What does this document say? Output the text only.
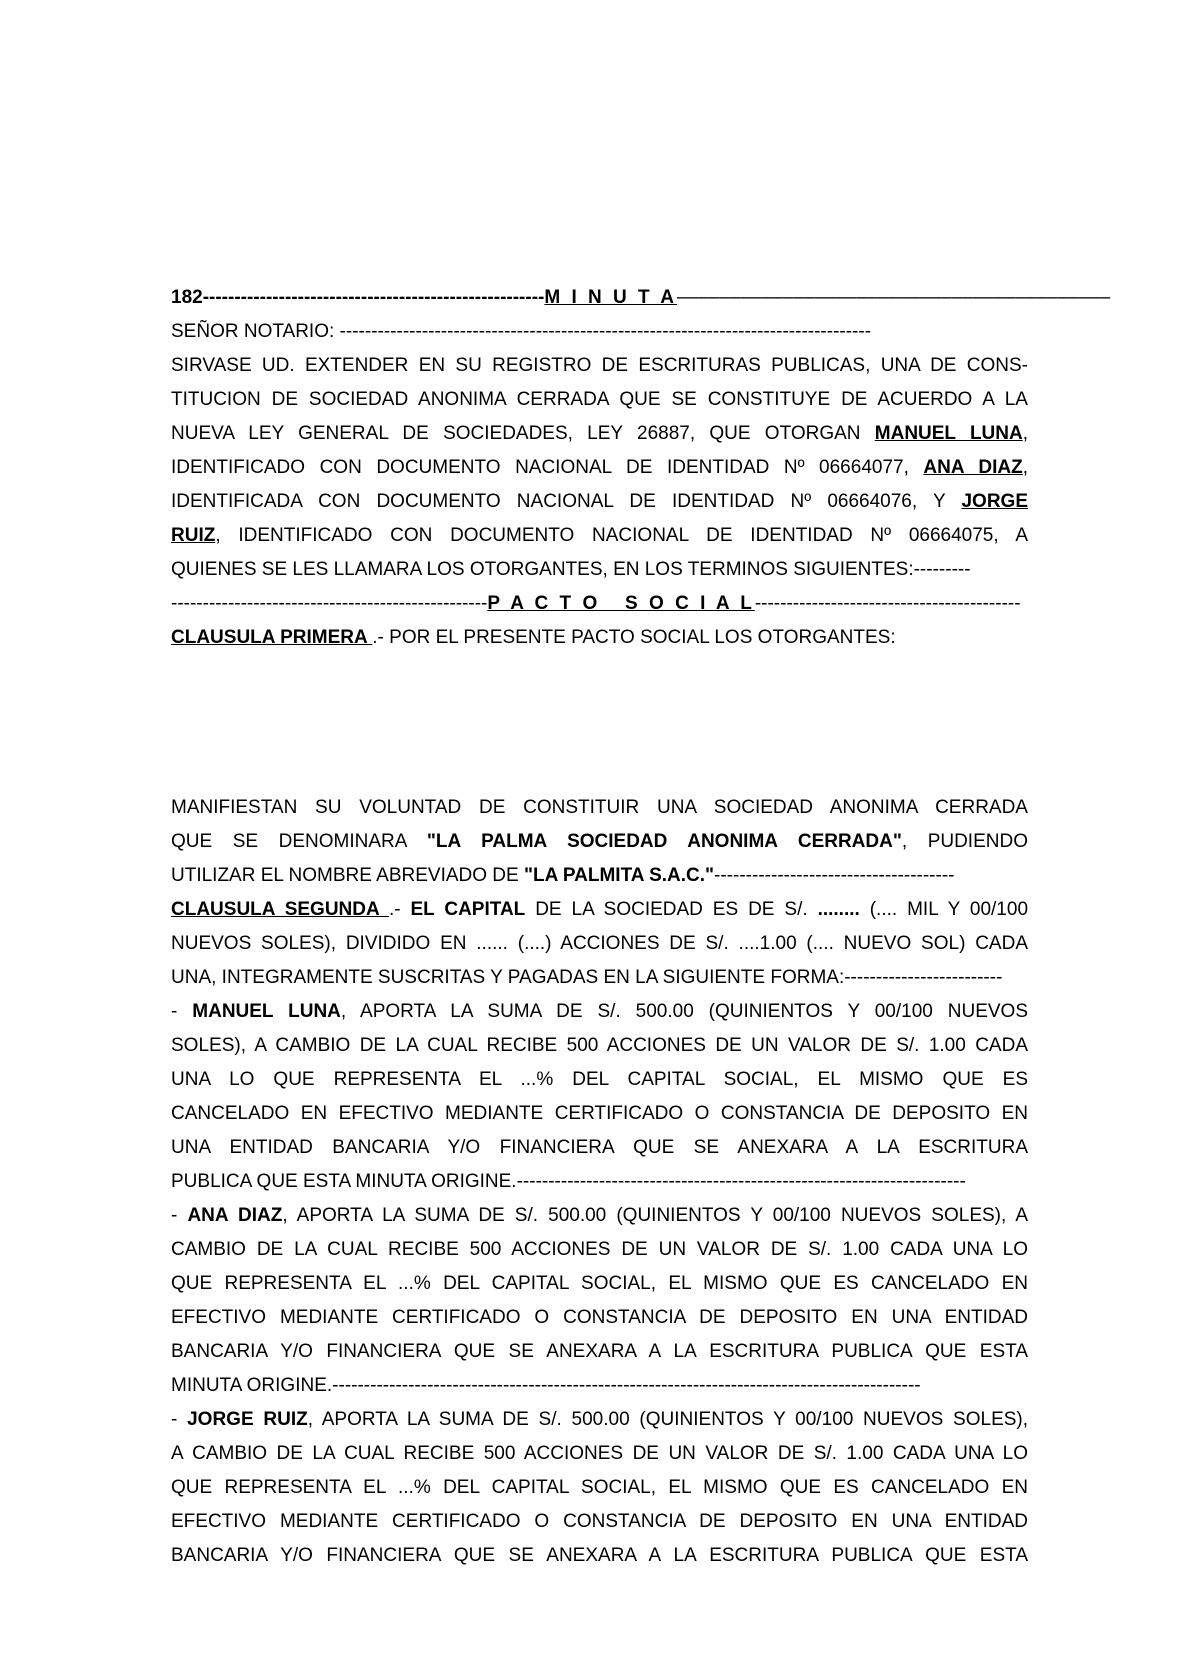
182 ------------------------------------------------------ M I N U T A –––––––––––––––––––––––––––––––––––––––––
SEÑOR NOTARIO: ------------------------------------------------------------------------------------
SIRVASE UD. EXTENDER EN SU REGISTRO DE ESCRITURAS PUBLICAS, UNA DE CONS-
TITUCION DE SOCIEDAD ANONIMA CERRADA QUE SE CONSTITUYE DE ACUERDO A LA
NUEVA LEY GENERAL DE SOCIEDADES, LEY 26887, QUE OTORGAN MANUEL LUNA,
IDENTIFICADO CON DOCUMENTO NACIONAL DE IDENTIDAD Nº 06664077, ANA DIAZ,
IDENTIFICADA CON DOCUMENTO NACIONAL DE IDENTIDAD Nº 06664076, Y JORGE
RUIZ, IDENTIFICADO CON DOCUMENTO NACIONAL DE IDENTIDAD Nº 06664075, A
QUIENES SE LES LLAMARA LOS OTORGANTES, EN LOS TERMINOS SIGUIENTES: ---------
-------------------------------------------------- P A C T O   S O C I A L ------------------------------------------
CLAUSULA PRIMERA .- POR EL PRESENTE PACTO SOCIAL LOS OTORGANTES:
MANIFIESTAN SU VOLUNTAD DE CONSTITUIR UNA SOCIEDAD ANONIMA CERRADA
QUE SE DENOMINARA "LA PALMA SOCIEDAD ANONIMA CERRADA", PUDIENDO
UTILIZAR EL NOMBRE ABREVIADO DE "LA PALMITA S.A.C." --------------------------------------
CLAUSULA SEGUNDA .- EL CAPITAL DE LA SOCIEDAD ES DE S/. ........ (.... MIL Y 00/100
NUEVOS SOLES), DIVIDIDO EN ...... (....) ACCIONES DE S/. ....1.00 (.... NUEVO SOL) CADA
UNA, INTEGRAMENTE SUSCRITAS Y PAGADAS EN LA SIGUIENTE FORMA: -------------------------
- MANUEL LUNA, APORTA LA SUMA DE S/. 500.00 (QUINIENTOS Y 00/100 NUEVOS
SOLES), A CAMBIO DE LA CUAL RECIBE 500 ACCIONES DE UN VALOR DE S/. 1.00 CADA
UNA LO QUE REPRESENTA EL ...% DEL CAPITAL SOCIAL, EL MISMO QUE ES
CANCELADO EN EFECTIVO MEDIANTE CERTIFICADO O CONSTANCIA DE DEPOSITO EN
UNA ENTIDAD BANCARIA Y/O FINANCIERA QUE SE ANEXARA A LA ESCRITURA
PUBLICA QUE ESTA MINUTA ORIGINE. -----------------------------------------------------------------------
- ANA DIAZ, APORTA LA SUMA DE S/. 500.00 (QUINIENTOS Y 00/100 NUEVOS SOLES), A
CAMBIO DE LA CUAL RECIBE 500 ACCIONES DE UN VALOR DE S/. 1.00 CADA UNA LO
QUE REPRESENTA EL ...% DEL CAPITAL SOCIAL, EL MISMO QUE ES CANCELADO EN
EFECTIVO MEDIANTE CERTIFICADO O CONSTANCIA DE DEPOSITO EN UNA ENTIDAD
BANCARIA Y/O FINANCIERA QUE SE ANEXARA A LA ESCRITURA PUBLICA QUE ESTA
MINUTA ORIGINE. ---------------------------------------------------------------------------------------------
- JORGE RUIZ, APORTA LA SUMA DE S/. 500.00 (QUINIENTOS Y 00/100 NUEVOS SOLES),
A CAMBIO DE LA CUAL RECIBE 500 ACCIONES DE UN VALOR DE S/. 1.00 CADA UNA LO
QUE REPRESENTA EL ...% DEL CAPITAL SOCIAL, EL MISMO QUE ES CANCELADO EN
EFECTIVO MEDIANTE CERTIFICADO O CONSTANCIA DE DEPOSITO EN UNA ENTIDAD
BANCARIA Y/O FINANCIERA QUE SE ANEXARA A LA ESCRITURA PUBLICA QUE ESTA
